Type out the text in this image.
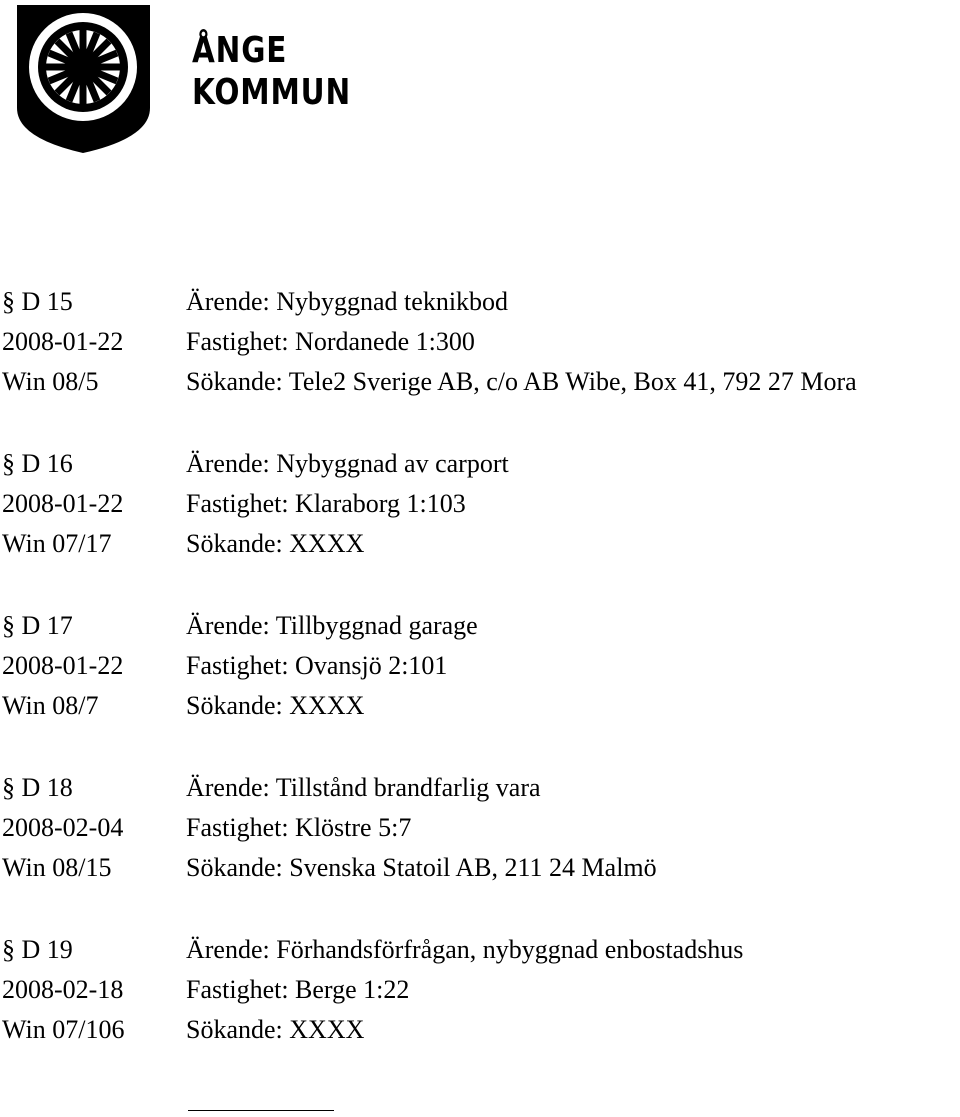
ÅNGE
KOMMUN
§ D 15	Ärende: Nybyggnad teknikbod
2008-01-22	Fastighet: Nordanede 1:300
Win 08/5	Sökande: Tele2 Sverige AB, c/o AB Wibe, Box 41, 792 27 Mora
§ D 16	Ärende: Nybyggnad av carport
2008-01-22	Fastighet: Klaraborg 1:103
Win 07/17	Sökande: XXXX
§ D 17	Ärende: Tillbyggnad garage
2008-01-22	Fastighet: Ovansjö 2:101
Win 08/7	Sökande: XXXX
§ D 18	Ärende: Tillstånd brandfarlig vara
2008-02-04	Fastighet: Klöstre 5:7
Win 08/15	Sökande: Svenska Statoil AB, 211 24 Malmö
§ D 19	Ärende: Förhandsförfrågan, nybyggnad enbostadshus
2008-02-18	Fastighet: Berge 1:22
Win 07/106	Sökande: XXXX
